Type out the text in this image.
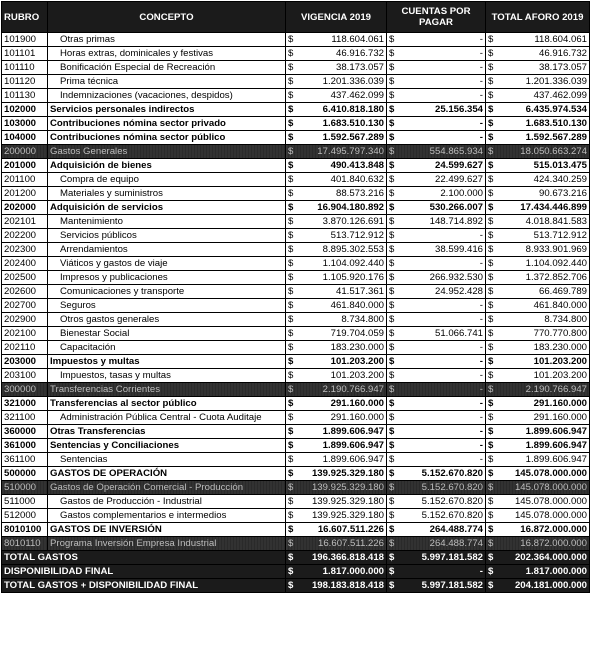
RUBRO	CONCEPTO	VIGENCIA 2019	CUENTAS POR PAGAR	TOTAL AFORO 2019
101900	Otras primas	$ 118.604.061	$ -	$ 118.604.061

101101	Horas extras, dominicales y festivas	$ 46.916.732	$ -	$ 46.916.732

101110	Bonificación Especial de Recreación	$ 38.173.057	$ -	$ 38.173.057

101120	Prima técnica	$ 1.201.336.039	$ -	$ 1.201.336.039

101130	Indemnizaciones (vacaciones, despidos)	$ 437.462.099	$ -	$ 437.462.099

102000	Servicios personales indirectos	$ 6.410.818.180	$ 25.156.354	$ 6.435.974.534

103000	Contribuciones nómina sector privado	$ 1.683.510.130	$ -	$ 1.683.510.130

104000	Contribuciones nómina sector público	$ 1.592.567.289	$ -	$ 1.592.567.289

200000	Gastos Generales	$ 17.495.797.340	$ 554.865.934	$ 18.050.663.274

201000	Adquisición de bienes	$ 490.413.848	$ 24.599.627	$ 515.013.475

201100	Compra de equipo	$ 401.840.632	$ 22.499.627	$ 424.340.259

201200	Materiales y suministros	$ 88.573.216	$ 2.100.000	$ 90.673.216

202000	Adquisición de servicios	$ 16.904.180.892	$ 530.266.007	$ 17.434.446.899

202101	Mantenimiento	$ 3.870.126.691	$ 148.714.892	$ 4.018.841.583

202200	Servicios públicos	$ 513.712.912	$ -	$ 513.712.912

202300	Arrendamientos	$ 8.895.302.553	$ 38.599.416	$ 8.933.901.969

202400	Viáticos y gastos de viaje	$ 1.104.092.440	$ -	$ 1.104.092.440

202500	Impresos y publicaciones	$ 1.105.920.176	$ 266.932.530	$ 1.372.852.706

202600	Comunicaciones y transporte	$ 41.517.361	$ 24.952.428	$ 66.469.789

202700	Seguros	$ 461.840.000	$ -	$ 461.840.000

202900	Otros gastos generales	$ 8.734.800	$ -	$ 8.734.800

202100	Bienestar Social	$ 719.704.059	$ 51.066.741	$ 770.770.800

202110	Capacitación	$ 183.230.000	$ -	$ 183.230.000

203000	Impuestos y multas	$ 101.203.200	$ -	$ 101.203.200

203100	Impuestos, tasas y multas	$ 101.203.200	$ -	$ 101.203.200

300000	Transferencias Corrientes	$ 2.190.766.947	$ -	$ 2.190.766.947

321000	Transferencias al sector público	$ 291.160.000	$ -	$ 291.160.000

321100	Administración Pública Central - Cuota Auditaje	$ 291.160.000	$ -	$ 291.160.000

360000	Otras Transferencias	$ 1.899.606.947	$ -	$ 1.899.606.947

361000	Sentencias y Conciliaciones	$ 1.899.606.947	$ -	$ 1.899.606.947

361100	Sentencias	$ 1.899.606.947	$ -	$ 1.899.606.947

500000	GASTOS DE OPERACIÓN	$ 139.925.329.180	$ 5.152.670.820	$ 145.078.000.000

510000	Gastos de Operación Comercial - Producción	$ 139.925.329.180	$ 5.152.670.820	$ 145.078.000.000

511000	Gastos de Producción - Industrial	$ 139.925.329.180	$ 5.152.670.820	$ 145.078.000.000

512000	Gastos complementarios e intermedios	$ 139.925.329.180	$ 5.152.670.820	$ 145.078.000.000

8010100	GASTOS DE INVERSIÓN	$ 16.607.511.226	$ 264.488.774	$ 16.872.000.000

8010110	Programa Inversión Empresa Industrial	$ 16.607.511.226	$ 264.488.774	$ 16.872.000.000

TOTAL GASTOS		$ 196.366.818.418	$ 5.997.181.582	$ 202.364.000.000

DISPONIBILIDAD FINAL		$ 1.817.000.000	$ -	$ 1.817.000.000

TOTAL GASTOS + DISPONIBILIDAD FINAL		$ 198.183.818.418	$ 5.997.181.582	$ 204.181.000.000
